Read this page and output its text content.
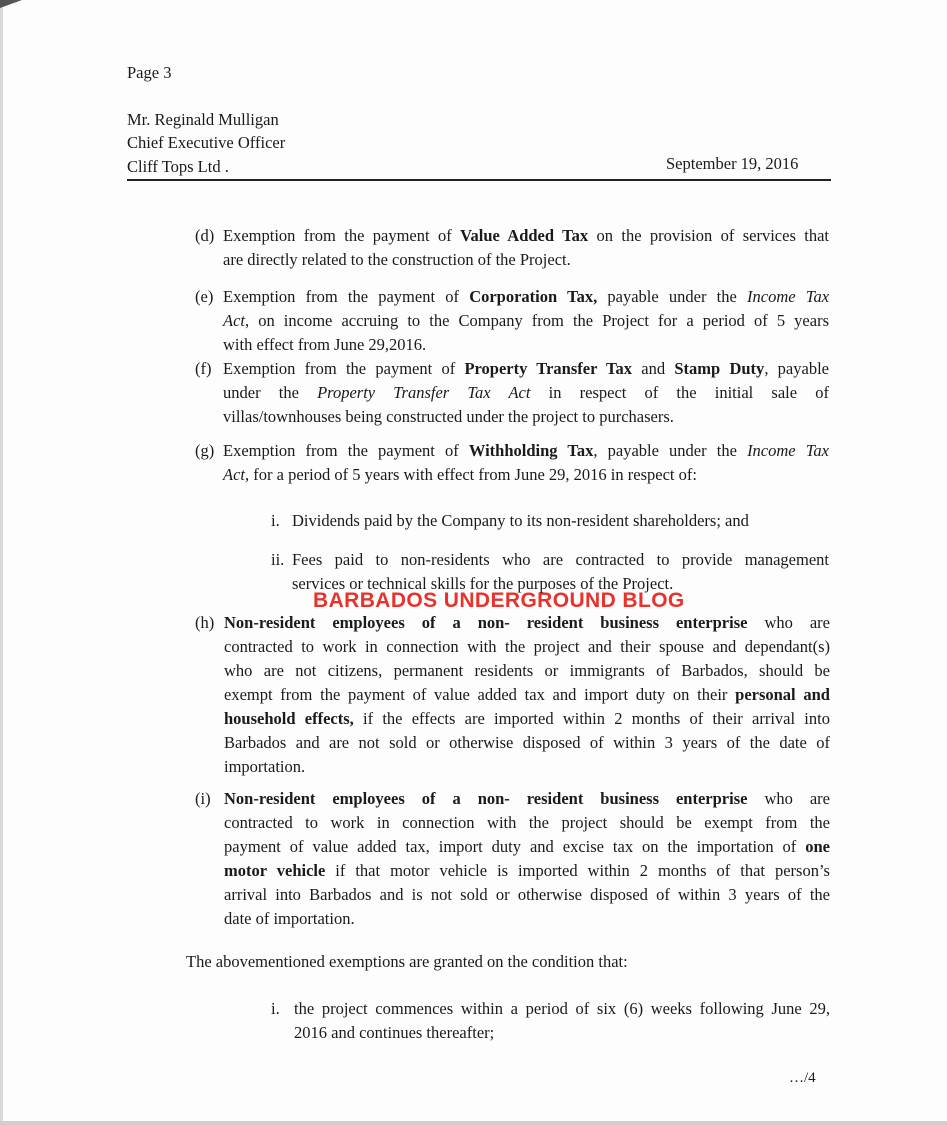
Page 3
Mr. Reginald Mulligan
Chief Executive Officer
Cliff Tops Ltd .	September 19, 2016
(d) Exemption from the payment of Value Added Tax on the provision of services that
are directly related to the construction of the Project.
(e) Exemption from the payment of Corporation Tax, payable under the Income Tax
Act, on income accruing to the Company from the Project for a period of 5 years
with effect from June 29,2016.
(f) Exemption from the payment of Property Transfer Tax and Stamp Duty, payable
under the Property Transfer Tax Act in respect of the initial sale of
villas/townhouses being constructed under the project to purchasers.
(g) Exemption from the payment of Withholding Tax, payable under the Income Tax
Act, for a period of 5 years with effect from June 29, 2016 in respect of:
i. Dividends paid by the Company to its non-resident shareholders; and
ii. Fees paid to non-residents who are contracted to provide management
services or technical skills for the purposes of the Project.
BARBADOS UNDERGROUND BLOG
(h) Non-resident employees of a non- resident business enterprise who are
contracted to work in connection with the project and their spouse and dependant(s)
who are not citizens, permanent residents or immigrants of Barbados, should be
exempt from the payment of value added tax and import duty on their personal and
household effects, if the effects are imported within 2 months of their arrival into
Barbados and are not sold or otherwise disposed of within 3 years of the date of
importation.
(i) Non-resident employees of a non- resident business enterprise who are
contracted to work in connection with the project should be exempt from the
payment of value added tax, import duty and excise tax on the importation of one
motor vehicle if that motor vehicle is imported within 2 months of that person’s
arrival into Barbados and is not sold or otherwise disposed of within 3 years of the
date of importation.
The abovementioned exemptions are granted on the condition that:
i. the project commences within a period of six (6) weeks following June 29,
2016 and continues thereafter;
…/4
